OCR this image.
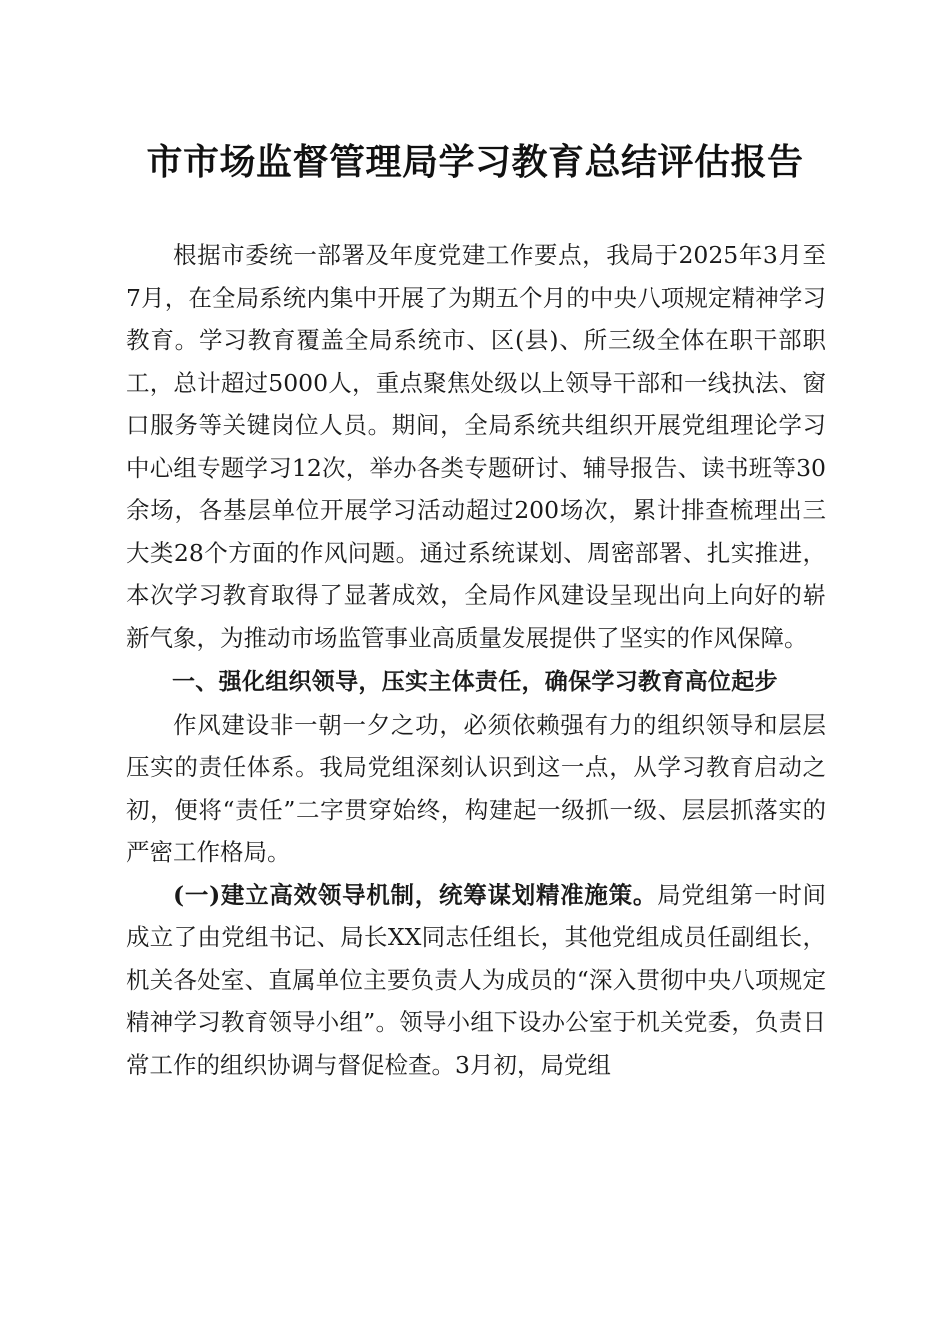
市市场监督管理局学习教育总结评估报告

根据市委统一部署及年度党建工作要点，我局于2025年3月至7月，在全局系统内集中开展了为期五个月的中央八项规定精神学习教育。学习教育覆盖全局系统市、区(县)、所三级全体在职干部职工，总计超过5000人，重点聚焦处级以上领导干部和一线执法、窗口服务等关键岗位人员。期间，全局系统共组织开展党组理论学习中心组专题学习12次，举办各类专题研讨、辅导报告、读书班等30余场，各基层单位开展学习活动超过200场次，累计排查梳理出三大类28个方面的作风问题。通过系统谋划、周密部署、扎实推进，本次学习教育取得了显著成效，全局作风建设呈现出向上向好的崭新气象，为推动市场监管事业高质量发展提供了坚实的作风保障。

一、强化组织领导，压实主体责任，确保学习教育高位起步

作风建设非一朝一夕之功，必须依赖强有力的组织领导和层层压实的责任体系。我局党组深刻认识到这一点，从学习教育启动之初，便将“责任”二字贯穿始终，构建起一级抓一级、层层抓落实的严密工作格局。

(一)建立高效领导机制，统筹谋划精准施策。局党组第一时间成立了由党组书记、局长XX同志任组长，其他党组成员任副组长，机关各处室、直属单位主要负责人为成员的“深入贯彻中央八项规定精神学习教育领导小组”。领导小组下设办公室于机关党委，负责日常工作的组织协调与督促检查。3月初，局党组
